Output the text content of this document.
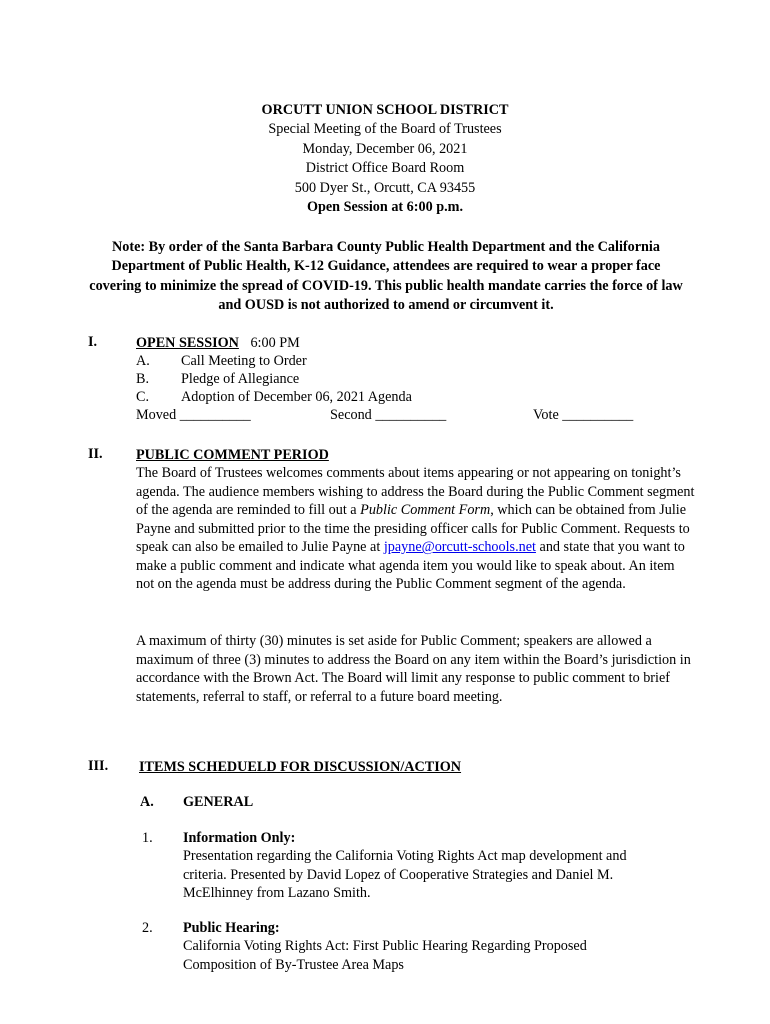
ORCUTT UNION SCHOOL DISTRICT
Special Meeting of the Board of Trustees
Monday, December 06, 2021
District Office Board Room
500 Dyer St., Orcutt, CA 93455
Open Session at 6:00 p.m.
Note: By order of the Santa Barbara County Public Health Department and the California Department of Public Health, K-12 Guidance, attendees are required to wear a proper face covering to minimize the spread of COVID-19. This public health mandate carries the force of law and OUSD is not authorized to amend or circumvent it.
I.	OPEN SESSION 6:00 PM
A. Call Meeting to Order
B. Pledge of Allegiance
C. Adoption of December 06, 2021 Agenda
Moved __________	Second __________	Vote __________
II. PUBLIC COMMENT PERIOD
The Board of Trustees welcomes comments about items appearing or not appearing on tonight’s agenda. The audience members wishing to address the Board during the Public Comment segment of the agenda are reminded to fill out a Public Comment Form, which can be obtained from Julie Payne and submitted prior to the time the presiding officer calls for Public Comment. Requests to speak can also be emailed to Julie Payne at jpayne@orcutt-schools.net and state that you want to make a public comment and indicate what agenda item you would like to speak about. An item not on the agenda must be address during the Public Comment segment of the agenda.
A maximum of thirty (30) minutes is set aside for Public Comment; speakers are allowed a maximum of three (3) minutes to address the Board on any item within the Board’s jurisdiction in accordance with the Brown Act. The Board will limit any response to public comment to brief statements, referral to staff, or referral to a future board meeting.
III. ITEMS SCHEDUELD FOR DISCUSSION/ACTION
A. GENERAL
1. Information Only:
Presentation regarding the California Voting Rights Act map development and criteria. Presented by David Lopez of Cooperative Strategies and Daniel M. McElhinney from Lazano Smith.
2. Public Hearing:
California Voting Rights Act: First Public Hearing Regarding Proposed Composition of By-Trustee Area Maps
